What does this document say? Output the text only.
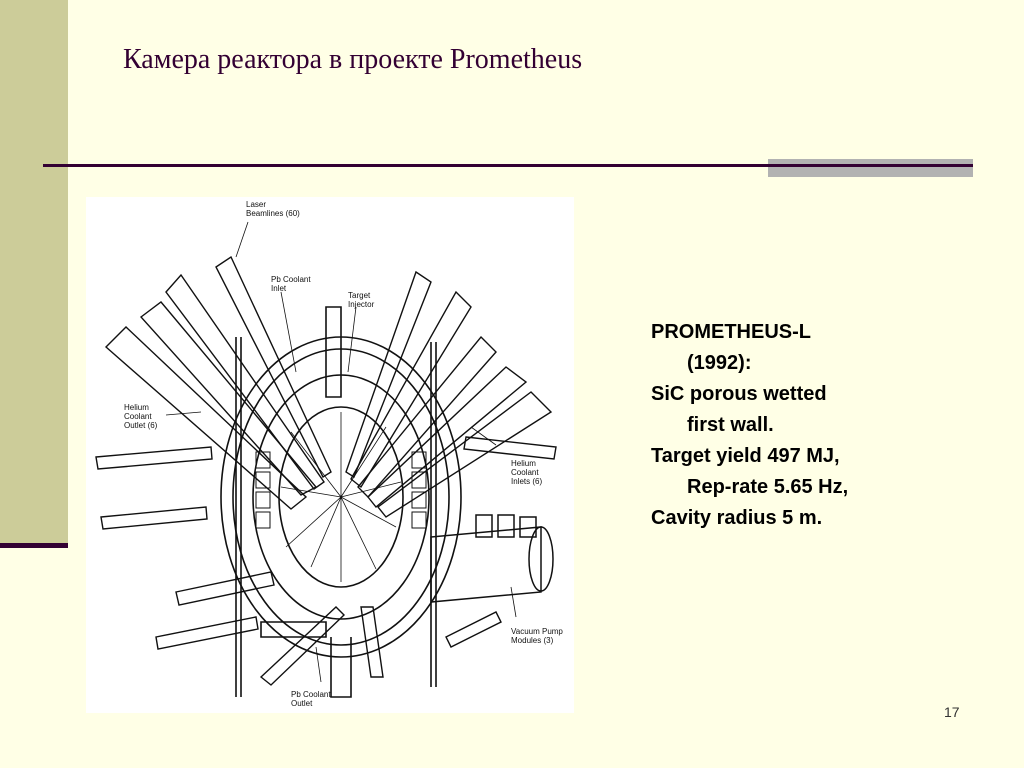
Камера реактора в проекте Prometheus
Laser
Beamlines (60)
Pb Coolant
Inlet
Target
Injector
Helium
Coolant
Outlet (6)
Helium
Coolant
Inlets (6)
Vacuum Pump
Modules (3)
Pb Coolant
Outlet

PROMETHEUS-L

(1992):

SiC porous wetted

first wall.

Target yield 497 MJ,

Rep-rate 5.65 Hz,

Cavity radius 5 m.

17
